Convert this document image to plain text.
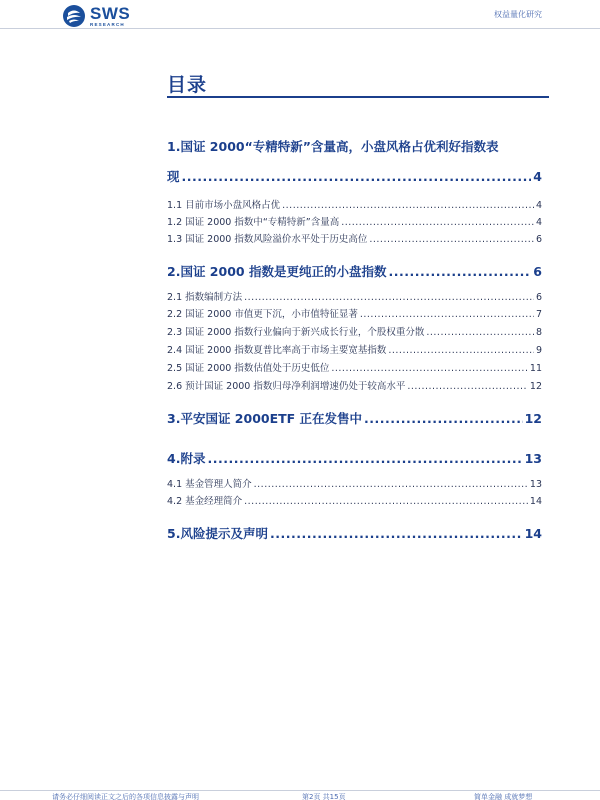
SWS
RESEARCH
权益量化研究
目录
1.国证 2000“专精特新”含量高，小盘风格占优利好指数表
现 .....	4
1.1 目前市场小盘风格占优 .....	4
1.2 国证 2000 指数中“专精特新”含量高 .....	4
1.3 国证 2000 指数风险溢价水平处于历史高位 .....	6
2.国证 2000 指数是更纯正的小盘指数 .....	6
2.1 指数编制方法 .....	6
2.2 国证 2000 市值更下沉，小市值特征显著 .....	7
2.3 国证 2000 指数行业偏向于新兴成长行业，个股权重分散 .....	8
2.4 国证 2000 指数夏普比率高于市场主要宽基指数 .....	9
2.5 国证 2000 指数估值处于历史低位 .....	11
2.6 预计国证 2000 指数归母净利润增速仍处于较高水平 .....	12
3.平安国证 2000ETF 正在发售中 .....	12
4.附录 .....	13
4.1 基金管理人简介 .....	13
4.2 基金经理简介 .....	14
5.风险提示及声明 .....	14
请务必仔细阅读正文之后的各项信息披露与声明	第2页 共15页	简单金融 成就梦想
